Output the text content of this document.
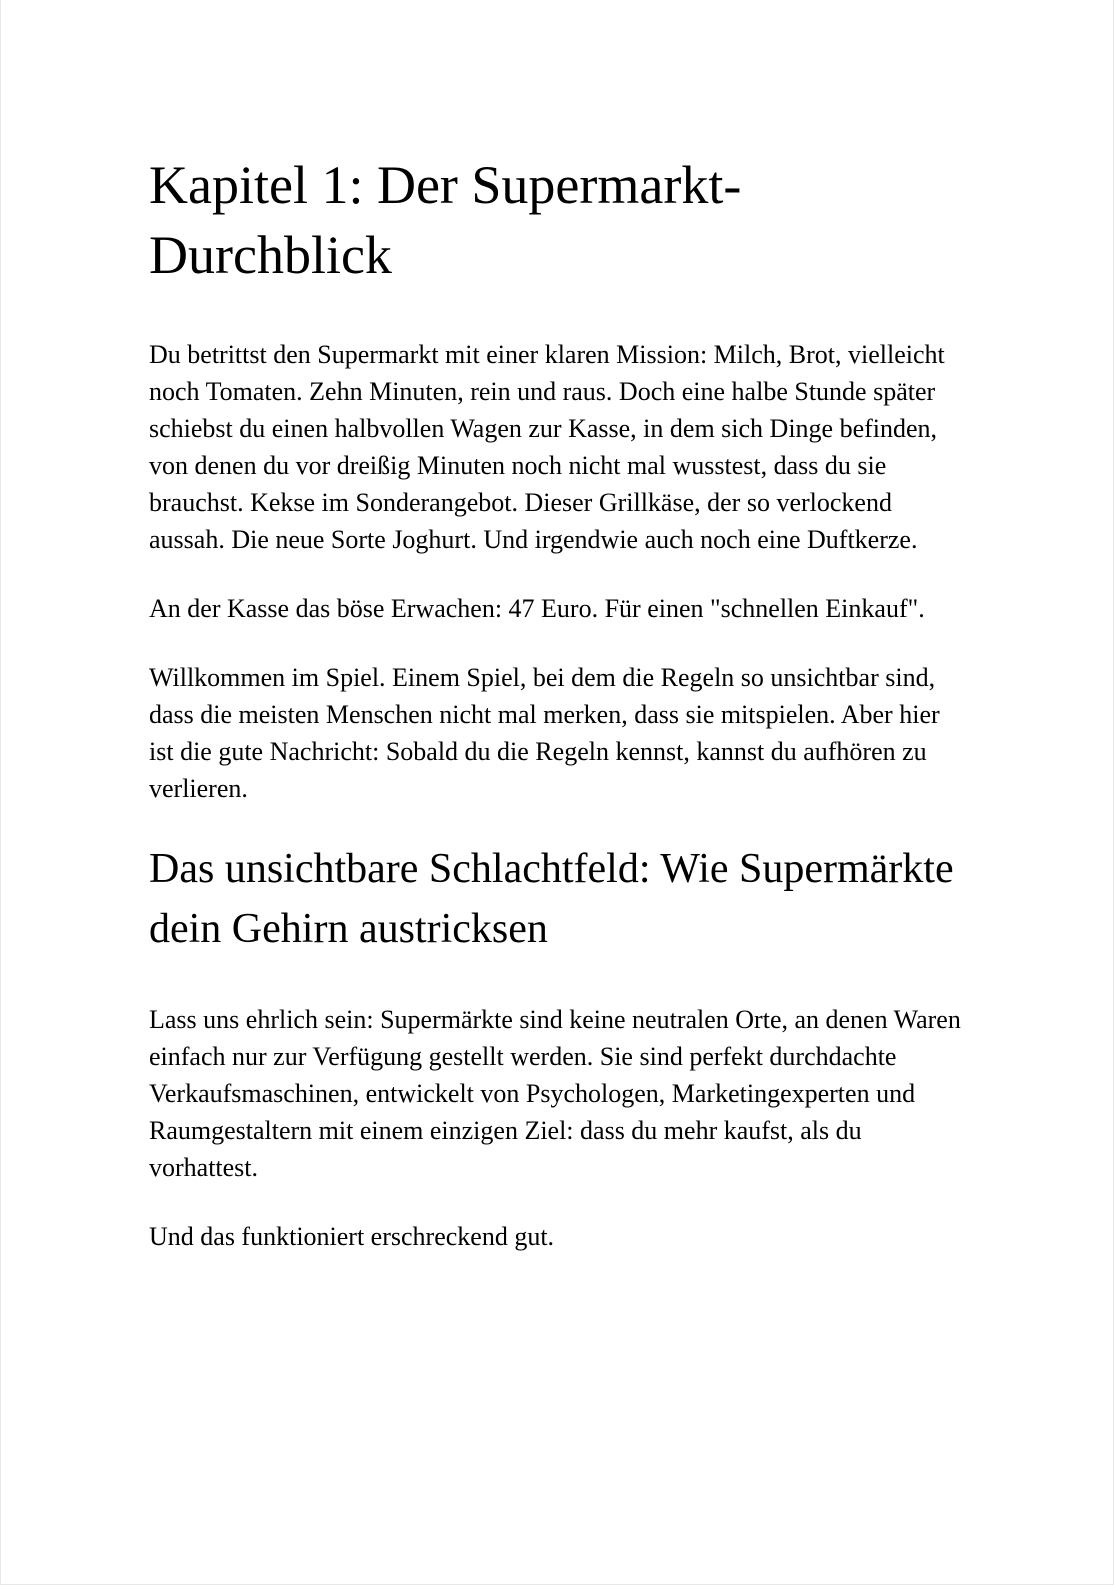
Kapitel 1: Der Supermarkt-Durchblick

Du betrittst den Supermarkt mit einer klaren Mission: Milch, Brot, vielleicht noch Tomaten. Zehn Minuten, rein und raus. Doch eine halbe Stunde später schiebst du einen halbvollen Wagen zur Kasse, in dem sich Dinge befinden, von denen du vor dreißig Minuten noch nicht mal wusstest, dass du sie brauchst. Kekse im Sonderangebot. Dieser Grillkäse, der so verlockend aussah. Die neue Sorte Joghurt. Und irgendwie auch noch eine Duftkerze.

An der Kasse das böse Erwachen: 47 Euro. Für einen "schnellen Einkauf".

Willkommen im Spiel. Einem Spiel, bei dem die Regeln so unsichtbar sind, dass die meisten Menschen nicht mal merken, dass sie mitspielen. Aber hier ist die gute Nachricht: Sobald du die Regeln kennst, kannst du aufhören zu verlieren.

Das unsichtbare Schlachtfeld: Wie Supermärkte dein Gehirn austricksen

Lass uns ehrlich sein: Supermärkte sind keine neutralen Orte, an denen Waren einfach nur zur Verfügung gestellt werden. Sie sind perfekt durchdachte Verkaufsmaschinen, entwickelt von Psychologen, Marketingexperten und Raumgestaltern mit einem einzigen Ziel: dass du mehr kaufst, als du vorhattest.

Und das funktioniert erschreckend gut.
